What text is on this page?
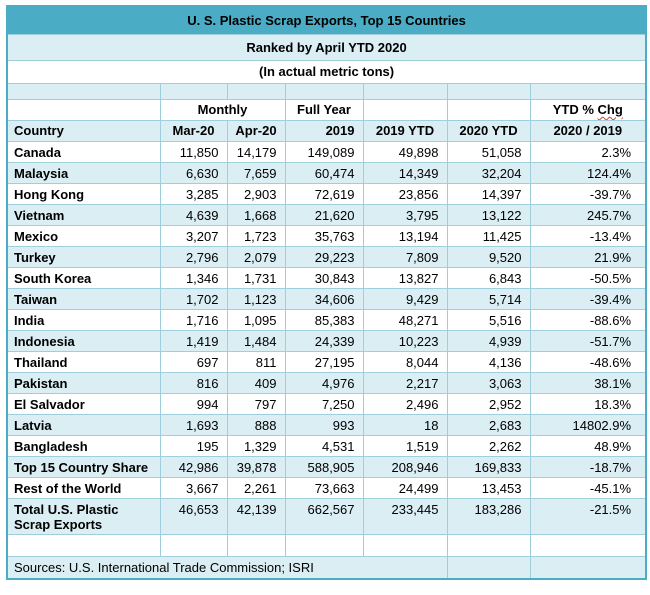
U. S. Plastic Scrap Exports, Top 15 Countries						
Ranked by April YTD 2020						
(In actual metric tons)						

	Monthly		Full Year			YTD % Chg
Country	Mar-20	Apr-20	2019	2019 YTD	2020 YTD	2020 / 2019
Canada	11,850	14,179	149,089	49,898	51,058	2.3%
Malaysia	6,630	7,659	60,474	14,349	32,204	124.4%
Hong Kong	3,285	2,903	72,619	23,856	14,397	-39.7%
Vietnam	4,639	1,668	21,620	3,795	13,122	245.7%
Mexico	3,207	1,723	35,763	13,194	11,425	-13.4%
Turkey	2,796	2,079	29,223	7,809	9,520	21.9%
South Korea	1,346	1,731	30,843	13,827	6,843	-50.5%
Taiwan	1,702	1,123	34,606	9,429	5,714	-39.4%
India	1,716	1,095	85,383	48,271	5,516	-88.6%
Indonesia	1,419	1,484	24,339	10,223	4,939	-51.7%
Thailand	697	811	27,195	8,044	4,136	-48.6%
Pakistan	816	409	4,976	2,217	3,063	38.1%
El Salvador	994	797	7,250	2,496	2,952	18.3%
Latvia	1,693	888	993	18	2,683	14802.9%
Bangladesh	195	1,329	4,531	1,519	2,262	48.9%
Top 15 Country Share	42,986	39,878	588,905	208,946	169,833	-18.7%
Rest of the World	3,667	2,261	73,663	24,499	13,453	-45.1%
Total U.S. Plastic Scrap Exports	46,653	42,139	662,567	233,445	183,286	-21.5%

Sources: U.S. International Trade Commission; ISRI						
